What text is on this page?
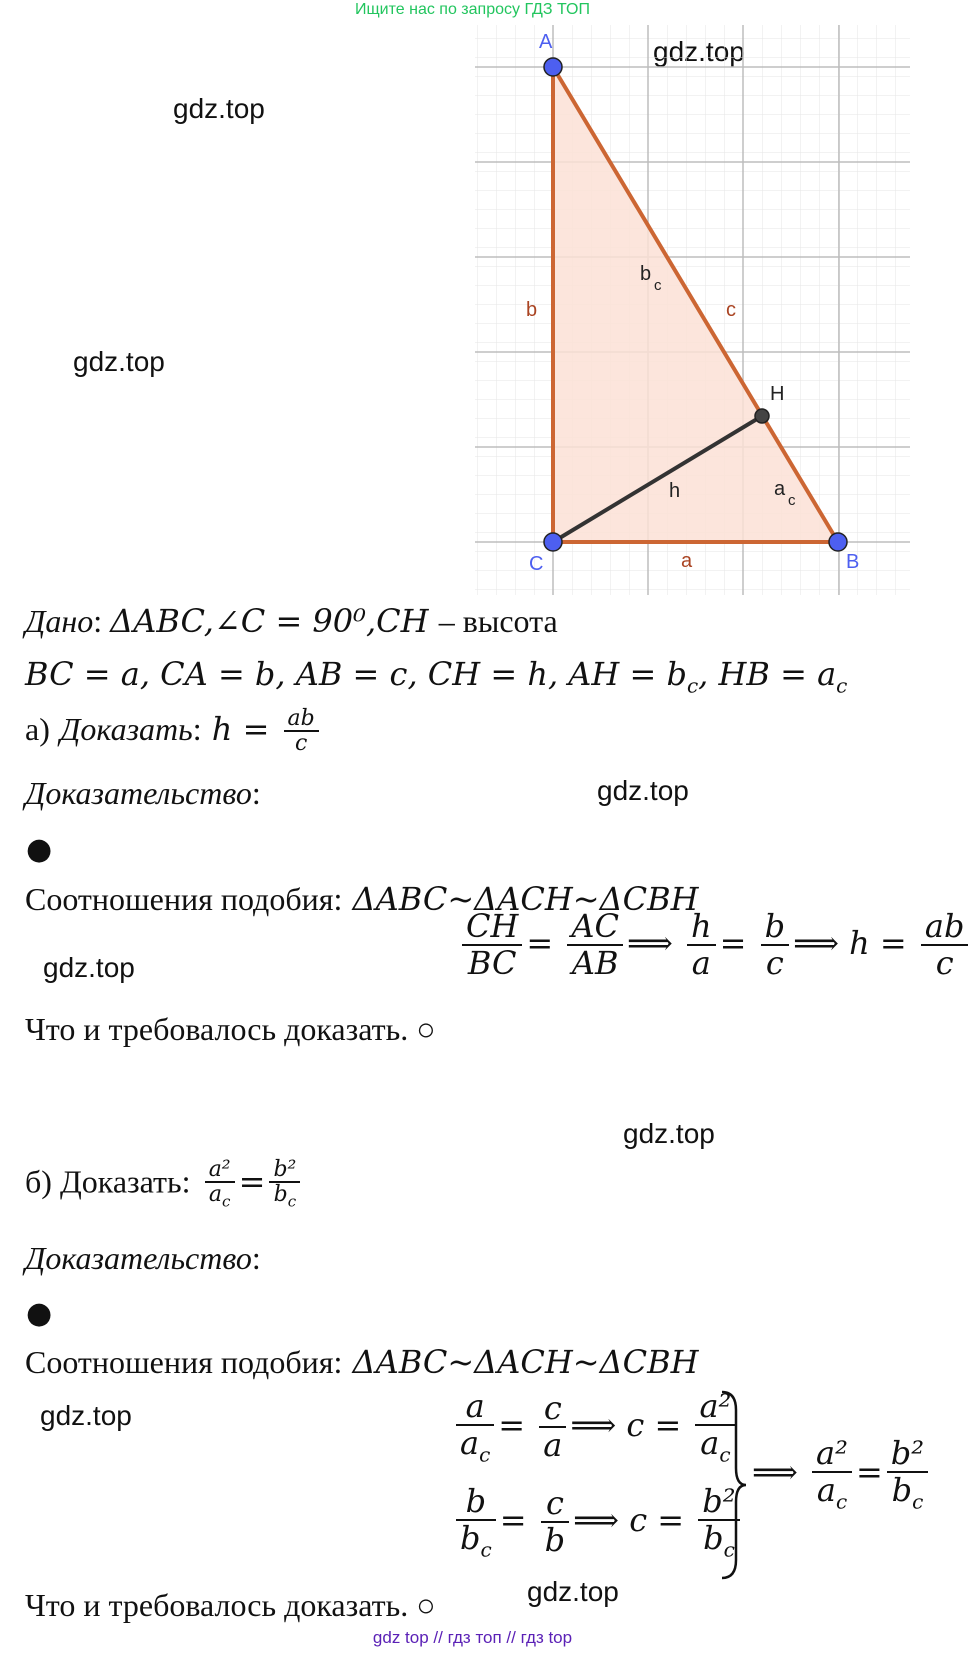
Ищите нас по запросу ГДЗ ТОП
gdz.top
gdz.top
gdz.top
gdz.top
gdz.top
gdz.top
gdz.top
A
B
C
H
b
a
c
h
b
c
a
c
Дано: ΔABC,∠C = 90⁰,CH – высота
BC = a, CA = b, AB = c, CH = h, AH = $b_c$, HB = $a_c$
а) Доказать: $h = \frac{ab}{c}$
Доказательство:
●
Соотношения подобия: ΔABC~ΔACH~ΔCBH
$\frac{CH}{BC} = \frac{AC}{AB}$ ⟹ $\frac{h}{a} = \frac{b}{c}$ ⟹ $h = \frac{ab}{c}$
Что и требовалось доказать. ○
б) Доказать: $\frac{\text{a²}}{a_c} = \frac{\text{b²}}{b_c}$
Доказательство:
●
Соотношения подобия: ΔABC~ΔACH~ΔCBH
$\frac{a}{a_c} = \frac{c}{a}$ ⟹ $c = \frac{\text{a²}}{a_c}$
$\frac{b}{b_c} = \frac{c}{b}$ ⟹ $c = \frac{\text{b²}}{b_c}$
⟹ $\frac{\text{a²}}{a_c} = \frac{\text{b²}}{b_c}$
Что и требовалось доказать. ○
gdz top // гдз топ // гдз top
